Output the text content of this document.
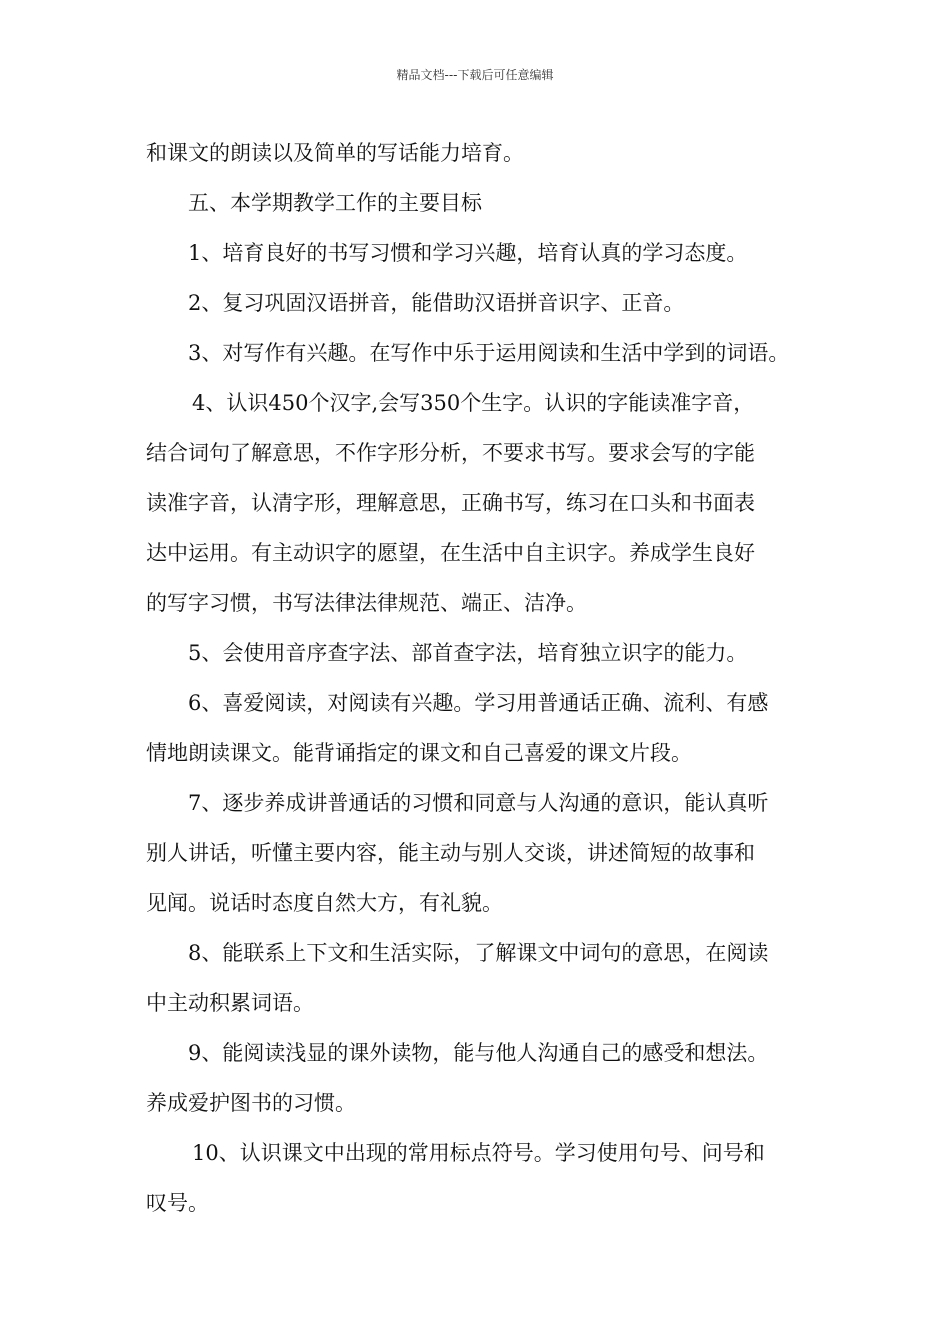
精品文档---下载后可任意编辑
和课文的朗读以及简单的写话能力培育。
五、本学期教学工作的主要目标
1、培育良好的书写习惯和学习兴趣，培育认真的学习态度。
2、复习巩固汉语拼音，能借助汉语拼音识字、正音。
3、对写作有兴趣。在写作中乐于运用阅读和生活中学到的词语。
4、认识450个汉字,会写350个生字。认识的字能读准字音，
结合词句了解意思，不作字形分析，不要求书写。要求会写的字能
读准字音，认清字形，理解意思，正确书写，练习在口头和书面表
达中运用。有主动识字的愿望，在生活中自主识字。养成学生良好
的写字习惯，书写法律法律规范、端正、洁净。
5、会使用音序查字法、部首查字法，培育独立识字的能力。
6、喜爱阅读，对阅读有兴趣。学习用普通话正确、流利、有感
情地朗读课文。能背诵指定的课文和自己喜爱的课文片段。
7、逐步养成讲普通话的习惯和同意与人沟通的意识，能认真听
别人讲话，听懂主要内容，能主动与别人交谈，讲述简短的故事和
见闻。说话时态度自然大方，有礼貌。
8、能联系上下文和生活实际，了解课文中词句的意思，在阅读
中主动积累词语。
9、能阅读浅显的课外读物，能与他人沟通自己的感受和想法。
养成爱护图书的习惯。
10、认识课文中出现的常用标点符号。学习使用句号、问号和
叹号。
